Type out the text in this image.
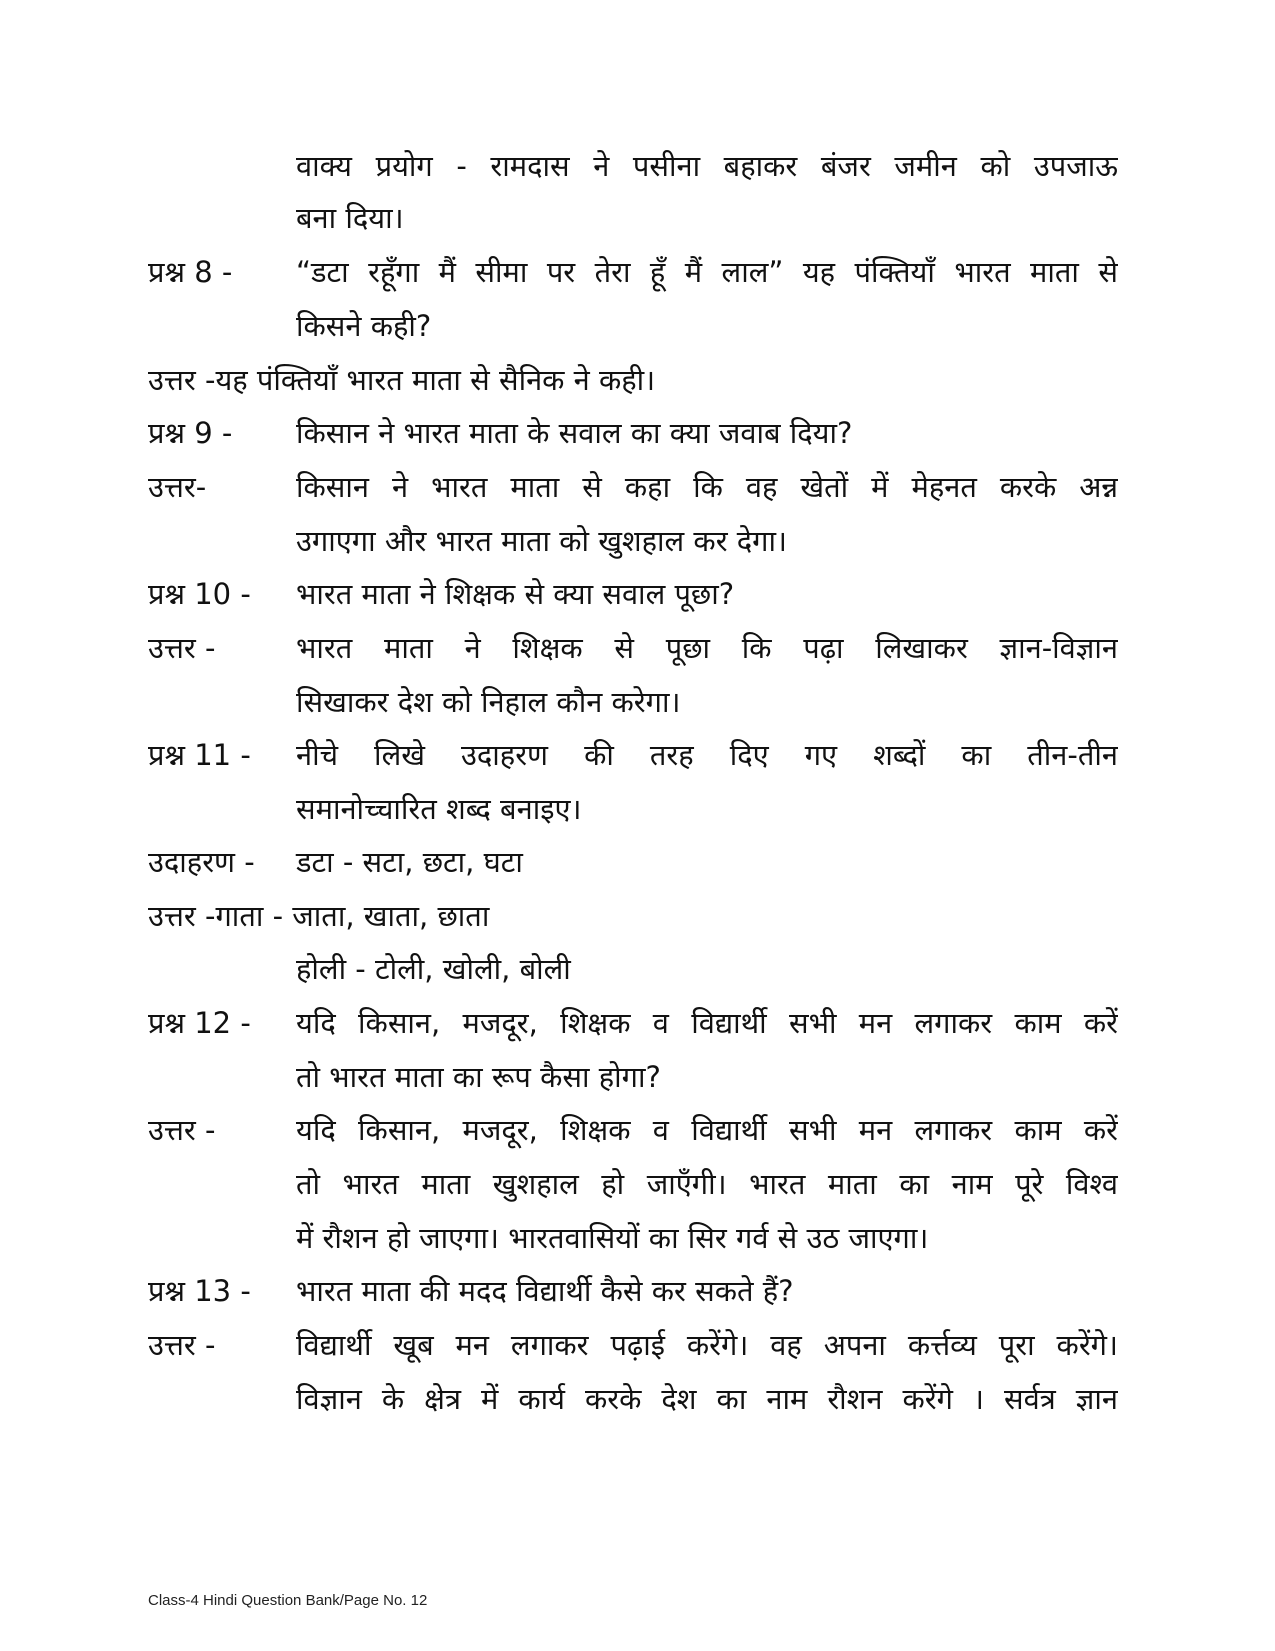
वाक्य प्रयोग - रामदास ने पसीना बहाकर बंजर जमीन को उपजाऊ
बना दिया।
प्रश्न 8 - “डटा रहूँगा मैं सीमा पर तेरा हूँ मैं लाल” यह पंक्तियाँ भारत माता से
किसने कही?
उत्तर -यह पंक्तियाँ भारत माता से सैनिक ने कही।
प्रश्न 9 - किसान ने भारत माता के सवाल का क्या जवाब दिया?
उत्तर-	किसान ने भारत माता से कहा कि वह खेतों में मेहनत करके अन्न
उगाएगा और भारत माता को खुशहाल कर देगा।
प्रश्न 10 - भारत माता ने शिक्षक से क्या सवाल पूछा?
उत्तर -	भारत माता ने शिक्षक से पूछा कि पढ़ा लिखाकर ज्ञान-विज्ञान
सिखाकर देश को निहाल कौन करेगा।
प्रश्न 11 - नीचे लिखे उदाहरण की तरह दिए गए शब्दों का तीन-तीन
समानोच्चारित शब्द बनाइए।
उदाहरण - डटा - सटा, छटा, घटा
उत्तर -गाता - जाता, खाता, छाता
होली - टोली, खोली, बोली
प्रश्न 12 - यदि किसान, मजदूर, शिक्षक व विद्यार्थी सभी मन लगाकर काम करें
तो भारत माता का रूप कैसा होगा?
उत्तर -	यदि किसान, मजदूर, शिक्षक व विद्यार्थी सभी मन लगाकर काम करें
तो भारत माता खुशहाल हो जाएँगी। भारत माता का नाम पूरे विश्व
में रौशन हो जाएगा। भारतवासियों का सिर गर्व से उठ जाएगा।
प्रश्न 13 - भारत माता की मदद विद्यार्थी कैसे कर सकते हैं?
उत्तर -	विद्यार्थी खूब मन लगाकर पढ़ाई करेंगे। वह अपना कर्त्तव्य पूरा करेंगे।
विज्ञान के क्षेत्र में कार्य करके देश का नाम रौशन करेंगे । सर्वत्र ज्ञान
Class-4 Hindi Question Bank/Page No. 12
